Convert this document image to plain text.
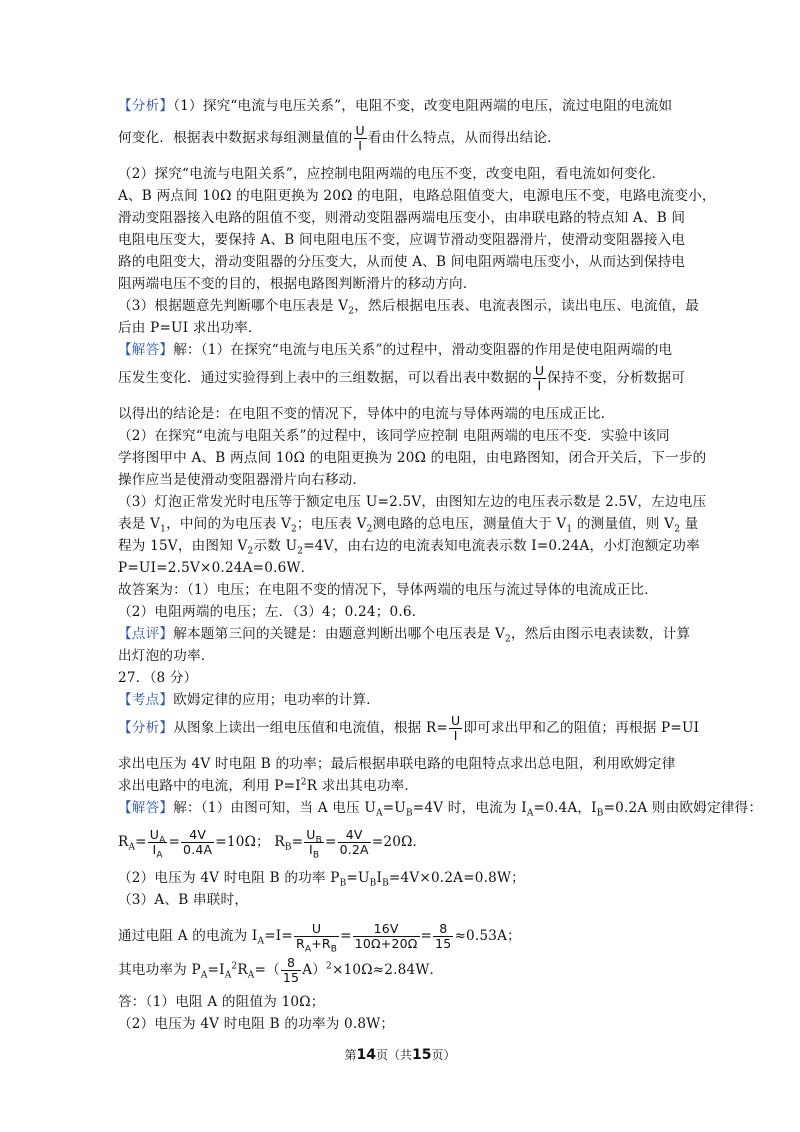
【分析】（1）探究“电流与电压关系”，电阻不变，改变电阻两端的电压，流过电阻的电流如
何变化．根据表中数据求每组测量值的 $\frac{U}{I}$ 看由什么特点，从而得出结论．
（2）探究“电流与电阻关系”，应控制电阻两端的电压不变，改变电阻，看电流如何变化．
A、B 两点间 10Ω 的电阻更换为 20Ω 的电阻，电路总阻值变大，电源电压不变，电路电流变小，
滑动变阻器接入电路的阻值不变，则滑动变阻器两端电压变小，由串联电路的特点知 A、B 间
电阻电压变大，要保持 A、B 间电阻电压不变，应调节滑动变阻器滑片，使滑动变阻器接入电
路的电阻变大，滑动变阻器的分压变大，从而使 A、B 间电阻两端电压变小，从而达到保持电
阻两端电压不变的目的，根据电路图判断滑片的移动方向．
（3）根据题意先判断哪个电压表是 $V_2$，然后根据电压表、电流表图示，读出电压、电流值，最
后由 P=UI 求出功率．
【解答】解：（1）在探究“电流与电压关系”的过程中，滑动变阻器的作用是使电阻两端的电
压发生变化．通过实验得到上表中的三组数据，可以看出表中数据的 $\frac{U}{I}$ 保持不变，分析数据可
以得出的结论是：在电阻不变的情况下，导体中的电流与导体两端的电压成正比．
（2）在探究“电流与电阻关系”的过程中，该同学应控制 电阻两端的电压不变．实验中该同
学将图甲中 A、B 两点间 10Ω 的电阻更换为 20Ω 的电阻，由电路图知，闭合开关后，下一步的
操作应当是使滑动变阻器滑片向右移动．
（3）灯泡正常发光时电压等于额定电压 U=2.5V，由图知左边的电压表示数是 2.5V，左边电压
表是 $V_1$，中间的为电压表 $V_2$；电压表 $V_2$测电路的总电压，测量值大于 $V_1$ 的测量值，则 $V_2$ 量
程为 15V，由图知 $V_2$示数 $U_2=4V$，由右边的电流表知电流表示数 I=0.24A，小灯泡额定功率
P=UI=2.5V×0.24A=0.6W．
故答案为：（1）电压；在电阻不变的情况下，导体两端的电压与流过导体的电流成正比．
（2）电阻两端的电压；左．（3）4；0.24；0.6．
【点评】解本题第三问的关键是：由题意判断出哪个电压表是 $V_2$，然后由图示电表读数，计算
出灯泡的功率．
27．（8 分）
【考点】欧姆定律的应用；电功率的计算．
【分析】从图象上读出一组电压值和电流值，根据 $R= \frac{U}{I}$ 即可求出甲和乙的阻值；再根据 P=UI
求出电压为 4V 时电阻 B 的功率；最后根据串联电路的电阻特点求出总电阻，利用欧姆定律
求出电路中的电流，利用 $P=I^2R$ 求出其电功率．
【解答】解：（1）由图可知，当 A 电压 $U_A=U_B=4V$ 时，电流为 $I_A=0.4A$，$I_B=0.2A$ 则由欧姆定律得：
$R_A= \frac{U_A}{I_A} = \frac{4V}{0.4A} =10\Omega$； $R_B= \frac{U_B}{I_B} = \frac{4V}{0.2A} =20\Omega$．
（2）电压为 4V 时电阻 B 的功率 $P_B=U_BI_B=4V\times 0.2A=0.8W$；
（3）A、B 串联时，
通过电阻 A 的电流为 $I_A=I= \frac{U}{R_A+R_B} = \frac{16V}{10\Omega+20\Omega} = \frac{8}{15} \approx 0.53A$；
其电功率为 $P_A=I_A^2R_A=( \frac{8}{15} A)^2\times 10\Omega\approx 2.84W$．
答：（1）电阻 A 的阻值为 10Ω；
（2）电压为 4V 时电阻 B 的功率为 0.8W；
第14页（共15页）
